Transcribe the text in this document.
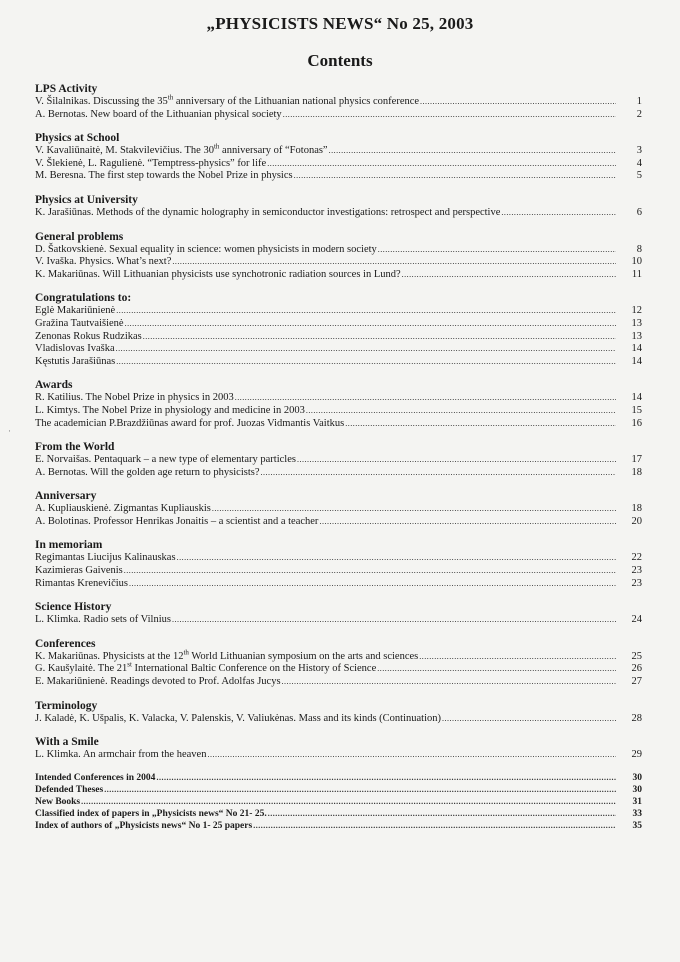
„PHYSICISTS NEWS“ No 25, 2003
Contents
·
LPS Activity
V. Šilalnikas. Discussing the 35th anniversary of the Lithuanian national physics conference .....	1
A. Bernotas. New board of the Lithuanian physical society .....	2
Physics at School
V. Kavaliūnaitė, M. Stakvilevičius. The 30th anniversary of “Fotonas” .....	3
V. Šlekienė, L. Ragulienė. “Temptress-physics” for life .....	4
M. Beresna. The first step towards the Nobel Prize in physics .....	5
Physics at University
K. Jarašiūnas. Methods of the dynamic holography in semiconductor investigations: retrospect and perspective .....	6
General problems
D. Šatkovskienė. Sexual equality in science: women physicists in modern society .....	8
V. Ivaška. Physics. What’s next? .....	10
K. Makariūnas. Will Lithuanian physicists use synchotronic radiation sources in Lund? .....	11
Congratulations to:
Eglė Makariūnienė .....	12
Gražina Tautvaišienė .....	13
Zenonas Rokus Rudzikas .....	13
Vladislovas Ivaška .....	14
Kęstutis Jarašiūnas .....	14
Awards
R. Katilius. The Nobel Prize in physics in 2003 .....	14
L. Kimtys. The Nobel Prize in physiology and medicine in 2003 .....	15
The academician P.Brazdžiūnas award for prof. Juozas Vidmantis Vaitkus .....	16
From the World
E. Norvaišas. Pentaquark – a new type of elementary particles .....	17
A. Bernotas. Will the golden age return to physicists? .....	18
Anniversary
A. Kupliauskienė. Zigmantas Kupliauskis .....	18
A. Bolotinas. Professor Henrikas Jonaitis – a scientist and a teacher .....	20
In memoriam
Regimantas Liucijus Kalinauskas .....	22
Kazimieras Gaivenis .....	23
Rimantas Krenevičius .....	23
Science History
L. Klimka. Radio sets of Vilnius .....	24
Conferences
K. Makariūnas. Physicists at the 12th World Lithuanian symposium on the arts and sciences .....	25
G. Kaušylaitė. The 21st International Baltic Conference on the History of Science .....	26
E. Makariūnienė. Readings devoted to Prof. Adolfas Jucys .....	27
Terminology
J. Kaladė, K. Ušpalis, K. Valacka, V. Palenskis, V. Valiukėnas. Mass and its kinds (Continuation) .....	28
With a Smile
L. Klimka. An armchair from the heaven .....	29
Intended Conferences in 2004 .....	30
Defended Theses .....	30
New Books .....	31
Classified index of papers in „Physicists news“ No 21- 25. .....	33
Index of authors of „Physicists news“ No 1- 25 papers .....	35
